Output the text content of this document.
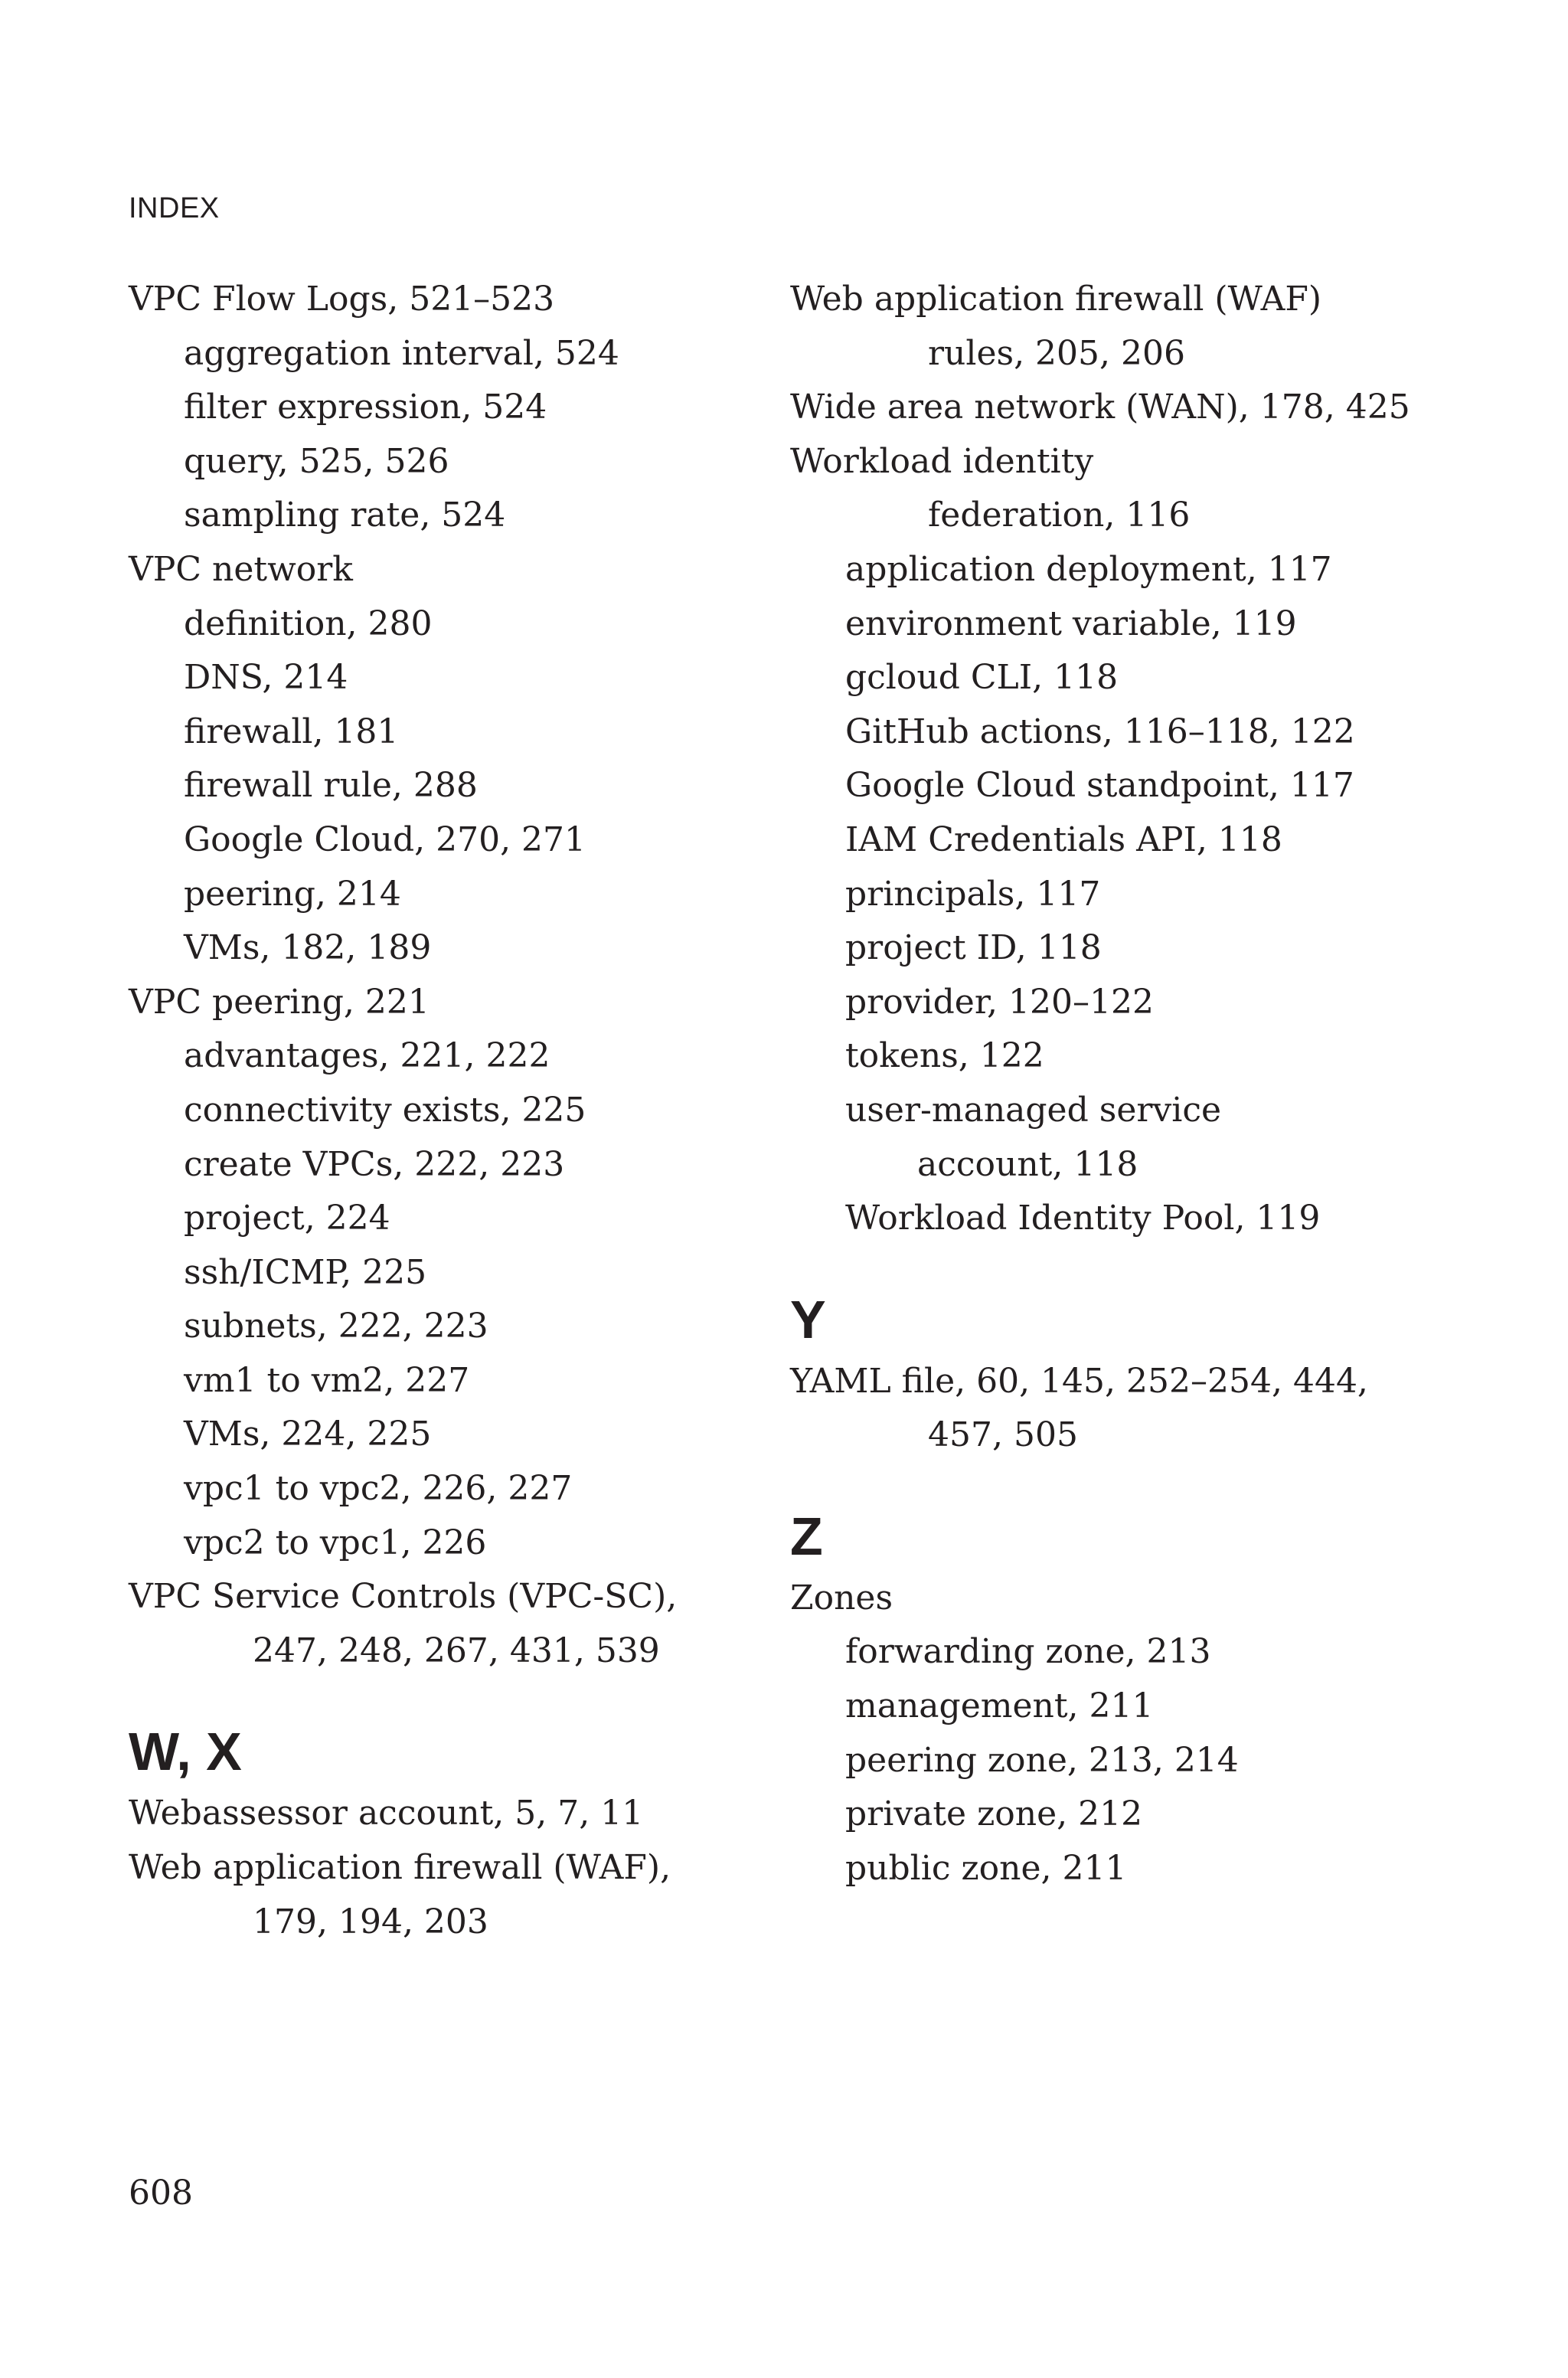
INDEX
VPC Flow Logs, 521–523
aggregation interval, 524
filter expression, 524
query, 525, 526
sampling rate, 524
VPC network
definition, 280
DNS, 214
firewall, 181
firewall rule, 288
Google Cloud, 270, 271
peering, 214
VMs, 182, 189
VPC peering, 221
advantages, 221, 222
connectivity exists, 225
create VPCs, 222, 223
project, 224
ssh/ICMP, 225
subnets, 222, 223
vm1 to vm2, 227
VMs, 224, 225
vpc1 to vpc2, 226, 227
vpc2 to vpc1, 226
VPC Service Controls (VPC-SC),
247, 248, 267, 431, 539
W, X
Webassessor account, 5, 7, 11
Web application firewall (WAF),
179, 194, 203
Web application firewall (WAF)
rules, 205, 206
Wide area network (WAN), 178, 425
Workload identity
federation, 116
application deployment, 117
environment variable, 119
gcloud CLI, 118
GitHub actions, 116–118, 122
Google Cloud standpoint, 117
IAM Credentials API, 118
principals, 117
project ID, 118
provider, 120–122
tokens, 122
user-managed service
account, 118
Workload Identity Pool, 119
Y
YAML file, 60, 145, 252–254, 444,
457, 505
Z
Zones
forwarding zone, 213
management, 211
peering zone, 213, 214
private zone, 212
public zone, 211
608
